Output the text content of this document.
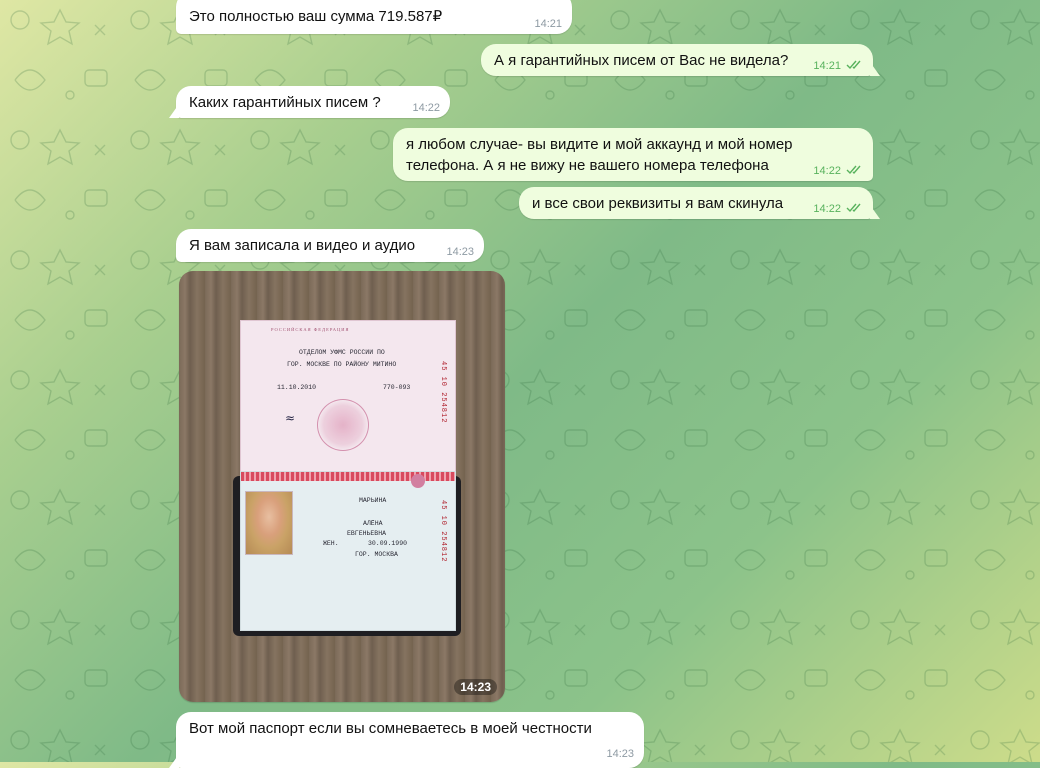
Это полностью ваш сумма 719.587₽	14:21
А я гарантийных писем от Вас не видела? 14:21
Каких гарантийных писем ?	14:22
я любом случае- вы видите и мой аккаунд и мой номер
телефона. А я не вижу не вашего номера телефона	14:22
и все свои реквизиты я вам скинула	14:22
Я вам записала и видео и аудио	14:23
РОССИЙСКАЯ ФЕДЕРАЦИЯ
ОТДЕЛОМ УФМС РОССИИ ПО
ГОР. МОСКВЕ ПО РАЙОНУ МИТИНО
11.10.2010	770-093
≈	45 10 254812
МАРЬИНА
АЛЁНА
ЕВГЕНЬЕВНА
ЖЕН.	30.09.1990
ГОР. МОСКВА	45 10 254812
14:23
Вот мой паспорт если вы сомневаетесь в моей честности
14:23
